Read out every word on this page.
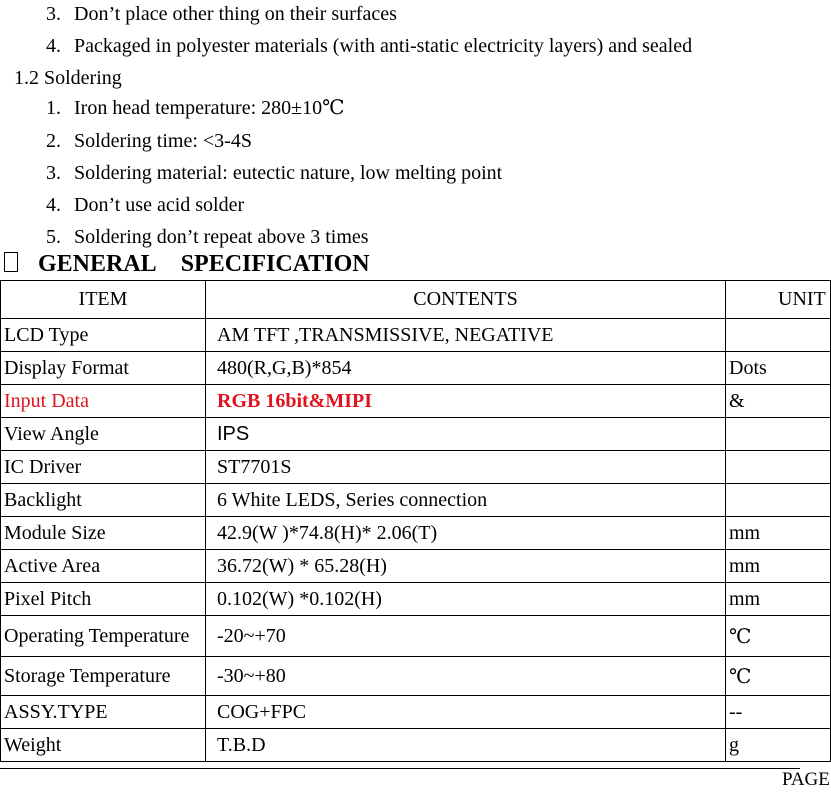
3. Don’t place other thing on their surfaces
4. Packaged in polyester materials (with anti-static electricity layers) and sealed
1.2 Soldering
1. Iron head temperature: 280±10℃
2. Soldering time: <3-4S
3. Soldering material: eutectic nature, low melting point
4. Don’t use acid solder
5. Soldering don’t repeat above 3 times
GENERAL SPECIFICATION
ITEM	CONTENTS	UNIT
LCD Type	AM TFT ,TRANSMISSIVE, NEGATIVE	
Display Format	480(R,G,B)*854	Dots
Input Data	RGB 16bit&MIPI	&
View Angle	IPS	
IC Driver	ST7701S	
Backlight	6 White LEDS, Series connection	
Module Size	42.9(W )*74.8(H)* 2.06(T)	mm
Active Area	36.72(W) * 65.28(H)	mm
Pixel Pitch	0.102(W) *0.102(H)	mm
Operating Temperature	-20~+70	℃
Storage Temperature	-30~+80	℃
ASSY.TYPE	COG+FPC	--
Weight	T.B.D	g
PAGE
